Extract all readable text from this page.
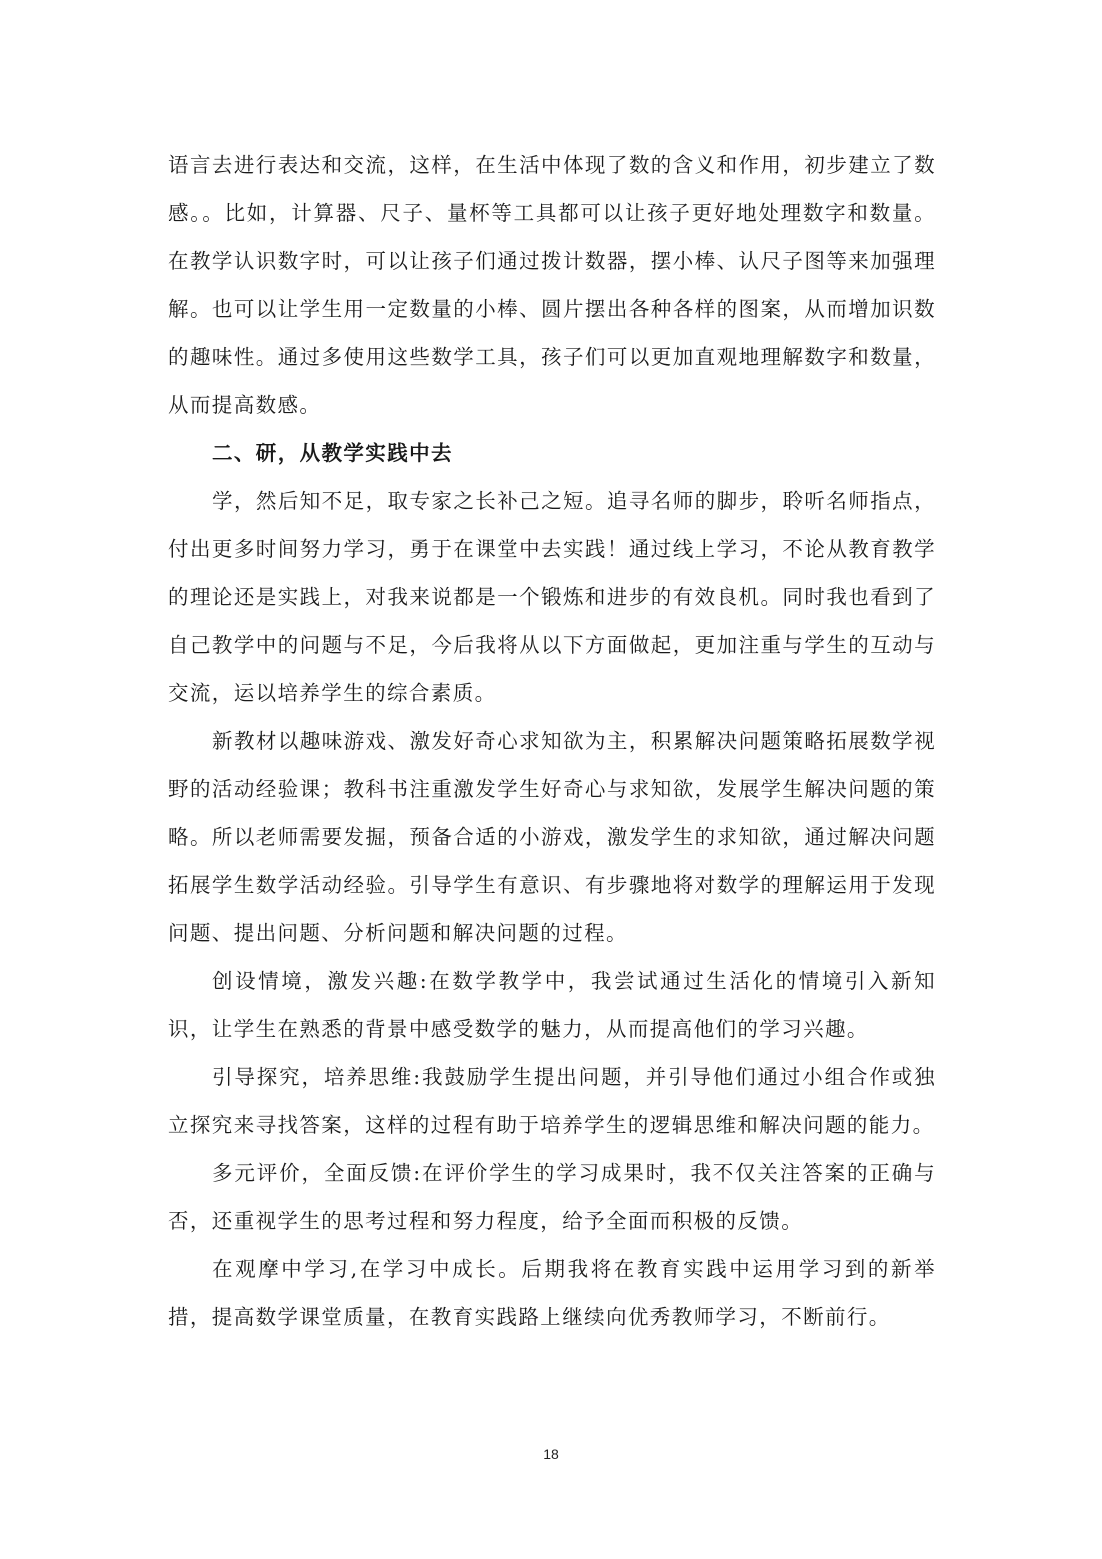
语言去进行表达和交流，这样，在生活中体现了数的含义和作用，初步建立了数感。。比如，计算器、尺子、量杯等工具都可以让孩子更好地处理数字和数量。在教学认识数字时，可以让孩子们通过拨计数器，摆小棒、认尺子图等来加强理解。也可以让学生用一定数量的小棒、圆片摆出各种各样的图案，从而增加识数的趣味性。通过多使用这些数学工具，孩子们可以更加直观地理解数字和数量，从而提高数感。

二、研，从教学实践中去

学，然后知不足，取专家之长补己之短。追寻名师的脚步，聆听名师指点，付出更多时间努力学习，勇于在课堂中去实践！通过线上学习，不论从教育教学的理论还是实践上，对我来说都是一个锻炼和进步的有效良机。同时我也看到了自己教学中的问题与不足，今后我将从以下方面做起，更加注重与学生的互动与交流，运以培养学生的综合素质。

新教材以趣味游戏、激发好奇心求知欲为主，积累解决问题策略拓展数学视野的活动经验课；教科书注重激发学生好奇心与求知欲，发展学生解决问题的策略。所以老师需要发掘，预备合适的小游戏，激发学生的求知欲，通过解决问题拓展学生数学活动经验。引导学生有意识、有步骤地将对数学的理解运用于发现问题、提出问题、分析问题和解决问题的过程。

创设情境，激发兴趣:在数学教学中，我尝试通过生活化的情境引入新知识，让学生在熟悉的背景中感受数学的魅力，从而提高他们的学习兴趣。

引导探究，培养思维:我鼓励学生提出问题，并引导他们通过小组合作或独立探究来寻找答案，这样的过程有助于培养学生的逻辑思维和解决问题的能力。

多元评价，全面反馈:在评价学生的学习成果时，我不仅关注答案的正确与否，还重视学生的思考过程和努力程度，给予全面而积极的反馈。

在观摩中学习,在学习中成长。后期我将在教育实践中运用学习到的新举措，提高数学课堂质量，在教育实践路上继续向优秀教师学习，不断前行。

18
